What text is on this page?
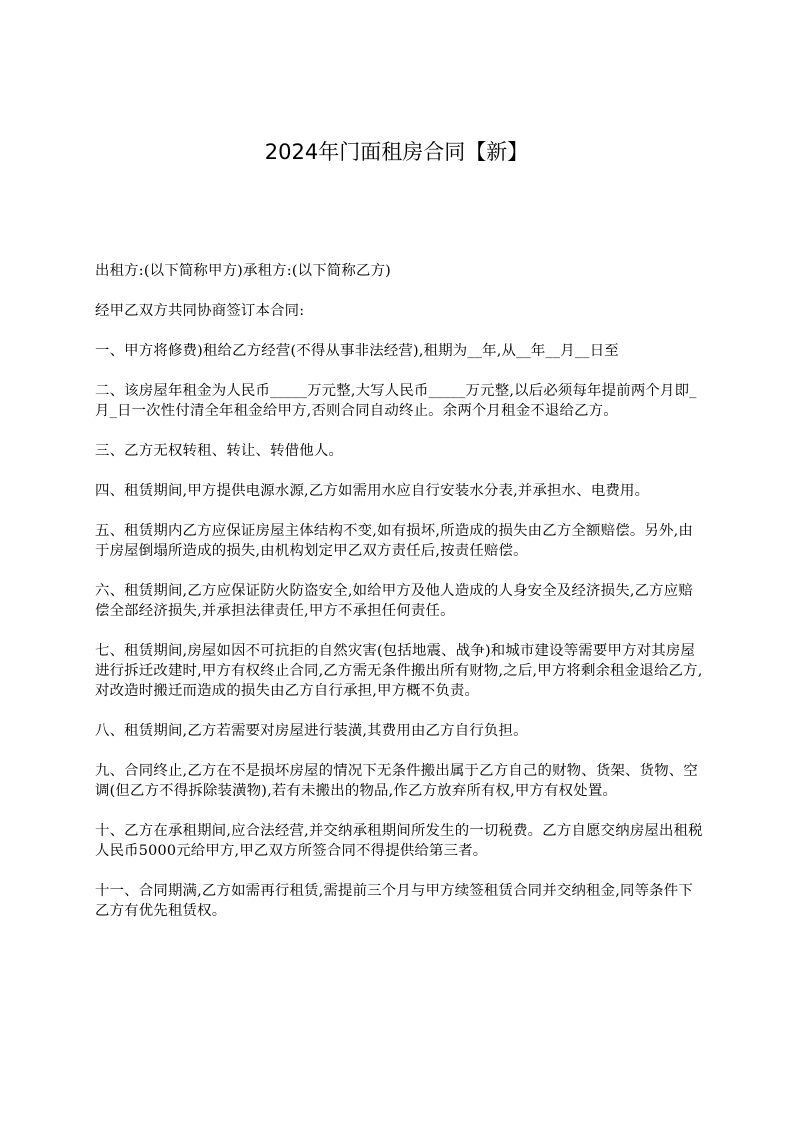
2024年门面租房合同【新】

出租方:(以下简称甲方)承租方:(以下简称乙方)

经甲乙双方共同协商签订本合同:

一、甲方将修费)租给乙方经营(不得从事非法经营),租期为__年,从__年__月__日至

二、该房屋年租金为人民币_____万元整,大写人民币_____万元整,以后必须每年提前两个月即_月_日一次性付清全年租金给甲方,否则合同自动终止。余两个月租金不退给乙方。

三、乙方无权转租、转让、转借他人。

四、租赁期间,甲方提供电源水源,乙方如需用水应自行安装水分表,并承担水、电费用。

五、租赁期内乙方应保证房屋主体结构不变,如有损坏,所造成的损失由乙方全额赔偿。另外,由于房屋倒塌所造成的损失,由机构划定甲乙双方责任后,按责任赔偿。

六、租赁期间,乙方应保证防火防盗安全,如给甲方及他人造成的人身安全及经济损失,乙方应赔偿全部经济损失,并承担法律责任,甲方不承担任何责任。

七、租赁期间,房屋如因不可抗拒的自然灾害(包括地震、战争)和城市建设等需要甲方对其房屋进行拆迁改建时,甲方有权终止合同,乙方需无条件搬出所有财物,之后,甲方将剩余租金退给乙方,对改造时搬迁而造成的损失由乙方自行承担,甲方概不负责。

八、租赁期间,乙方若需要对房屋进行装潢,其费用由乙方自行负担。

九、合同终止,乙方在不是损坏房屋的情况下无条件搬出属于乙方自己的财物、货架、货物、空调(但乙方不得拆除装潢物),若有未搬出的物品,作乙方放弃所有权,甲方有权处置。

十、乙方在承租期间,应合法经营,并交纳承租期间所发生的一切税费。乙方自愿交纳房屋出租税人民币5000元给甲方,甲乙双方所签合同不得提供给第三者。

十一、合同期满,乙方如需再行租赁,需提前三个月与甲方续签租赁合同并交纳租金,同等条件下乙方有优先租赁权。
